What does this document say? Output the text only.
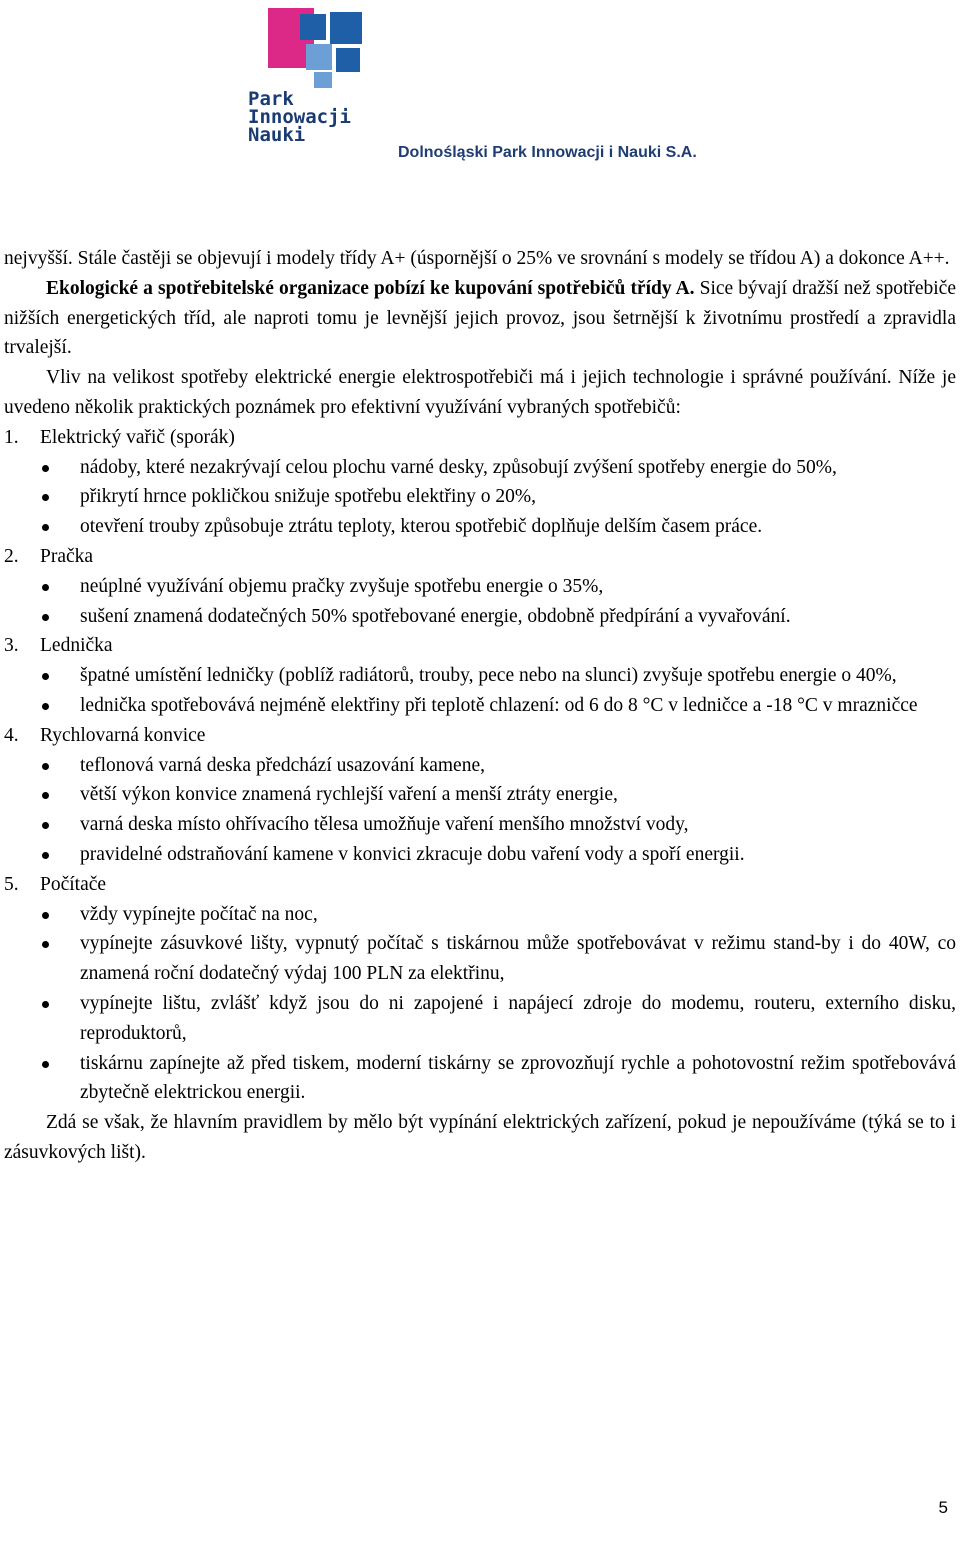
Park
Innowacji
Nauki
Dolnośląski Park Innowacji i Nauki S.A.

nejvyšší. Stále častěji se objevují i modely třídy A+ (úspornější o 25% ve srovnání s modely se třídou A) a dokonce A++.

Ekologické a spotřebitelské organizace pobízí ke kupování spotřebičů třídy A. Sice bývají dražší než spotřebiče nižších energetických tříd, ale naproti tomu je levnější jejich provoz, jsou šetrnější k životnímu prostředí a zpravidla trvalejší.

Vliv na velikost spotřeby elektrické energie elektrospotřebiči má i jejich technologie i správné používání. Níže je uvedeno několik praktických poznámek pro efektivní využívání vybraných spotřebičů:

1. Elektrický vařič (sporák)
nádoby, které nezakrývají celou plochu varné desky, způsobují zvýšení spotřeby energie do 50%,
přikrytí hrnce pokličkou snižuje spotřebu elektřiny o 20%,
otevření trouby způsobuje ztrátu teploty, kterou spotřebič doplňuje delším časem práce.
2. Pračka
neúplné využívání objemu pračky zvyšuje spotřebu energie o 35%,
sušení znamená dodatečných 50% spotřebované energie, obdobně předpírání a vyvařování.
3. Lednička
špatné umístění ledničky (poblíž radiátorů, trouby, pece nebo na slunci) zvyšuje spotřebu energie o 40%,
lednička spotřebovává nejméně elektřiny při teplotě chlazení: od 6 do 8 °C v ledničce a -18 °C v mrazničce
4. Rychlovarná konvice
teflonová varná deska předchází usazování kamene,
větší výkon konvice znamená rychlejší vaření a menší ztráty energie,
varná deska místo ohřívacího tělesa umožňuje vaření menšího množství vody,
pravidelné odstraňování kamene v konvici zkracuje dobu vaření vody a spoří energii.
5. Počítače
vždy vypínejte počítač na noc,
vypínejte zásuvkové lišty, vypnutý počítač s tiskárnou může spotřebovávat v režimu stand-by i do 40W, co znamená roční dodatečný výdaj 100 PLN za elektřinu,
vypínejte lištu, zvlášť když jsou do ni zapojené i napájecí zdroje do modemu, routeru, externího disku, reproduktorů,
tiskárnu zapínejte až před tiskem, moderní tiskárny se zprovozňují rychle a pohotovostní režim spotřebovává zbytečně elektrickou energii.

Zdá se však, že hlavním pravidlem by mělo být vypínání elektrických zařízení, pokud je nepoužíváme (týká se to i zásuvkových lišt).

5
